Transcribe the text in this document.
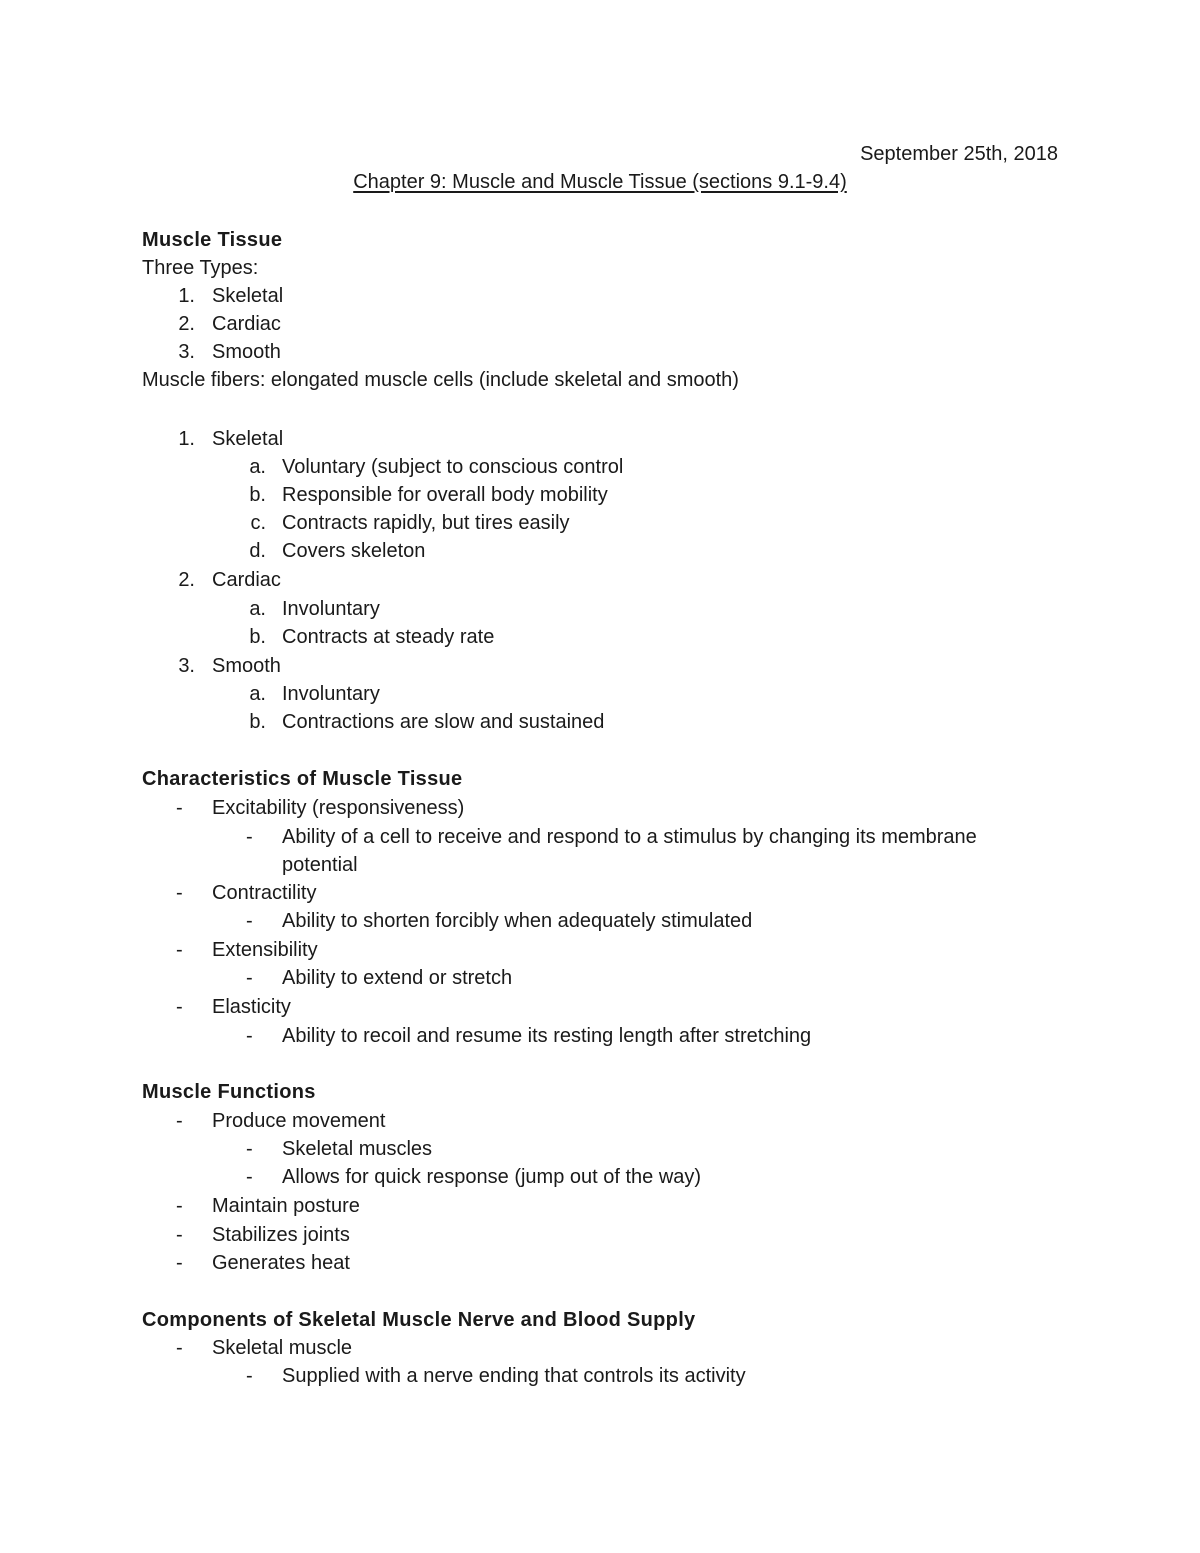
September 25th, 2018
Chapter 9: Muscle and Muscle Tissue (sections 9.1-9.4)
Muscle Tissue
Three Types:
1. Skeletal
2. Cardiac
3. Smooth
Muscle fibers: elongated muscle cells (include skeletal and smooth)
1. Skeletal
a. Voluntary (subject to conscious control
b. Responsible for overall body mobility
c. Contracts rapidly, but tires easily
d. Covers skeleton
2. Cardiac
a. Involuntary
b. Contracts at steady rate
3. Smooth
a. Involuntary
b. Contractions are slow and sustained
Characteristics of Muscle Tissue
- Excitability (responsiveness)
- Ability of a cell to receive and respond to a stimulus by changing its membrane
potential
- Contractility
- Ability to shorten forcibly when adequately stimulated
- Extensibility
- Ability to extend or stretch
- Elasticity
- Ability to recoil and resume its resting length after stretching
Muscle Functions
- Produce movement
- Skeletal muscles
- Allows for quick response (jump out of the way)
- Maintain posture
- Stabilizes joints
- Generates heat
Components of Skeletal Muscle Nerve and Blood Supply
- Skeletal muscle
- Supplied with a nerve ending that controls its activity
